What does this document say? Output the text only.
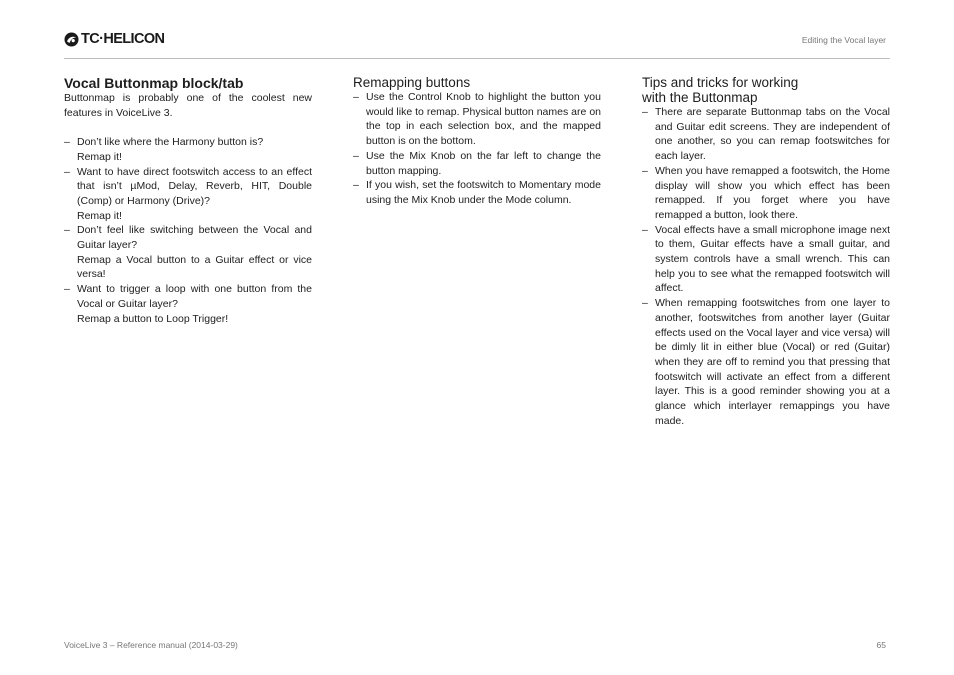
TC·HELICON	Editing the Vocal layer
Vocal Buttonmap block/tab

Buttonmap is probably one of the coolest new features in VoiceLive 3.

– Don’t like where the Harmony button is?
Remap it!
– Want to have direct footswitch access to an effect that isn’t µMod, Delay, Reverb, HIT, Double (Comp) or Harmony (Drive)?
Remap it!
– Don’t feel like switching between the Vocal and Guitar layer?
Remap a Vocal button to a Guitar effect or vice versa!
– Want to trigger a loop with one button from the Vocal or Guitar layer?
Remap a button to Loop Trigger!
Remapping buttons
– Use the Control Knob to highlight the button you would like to remap. Physical button names are on the top in each selection box, and the mapped button is on the bottom.
– Use the Mix Knob on the far left to change the button mapping.
– If you wish, set the footswitch to Momentary mode using the Mix Knob under the Mode column.
Tips and tricks for working
with the Buttonmap
– There are separate Buttonmap tabs on the Vocal and Guitar edit screens. They are independent of one another, so you can remap footswitches for each layer.
– When you have remapped a footswitch, the Home display will show you which effect has been remapped. If you forget where you have remapped a button, look there.
– Vocal effects have a small microphone image next to them, Guitar effects have a small guitar, and system controls have a small wrench. This can help you to see what the remapped footswitch will affect.
– When remapping footswitches from one layer to another, footswitches from another layer (Guitar effects used on the Vocal layer and vice versa) will be dimly lit in either blue (Vocal) or red (Guitar) when they are off to remind you that pressing that footswitch will activate an effect from a different layer. This is a good reminder showing you at a glance which interlayer remappings you have made.
VoiceLive 3 – Reference manual (2014-03-29)	65
